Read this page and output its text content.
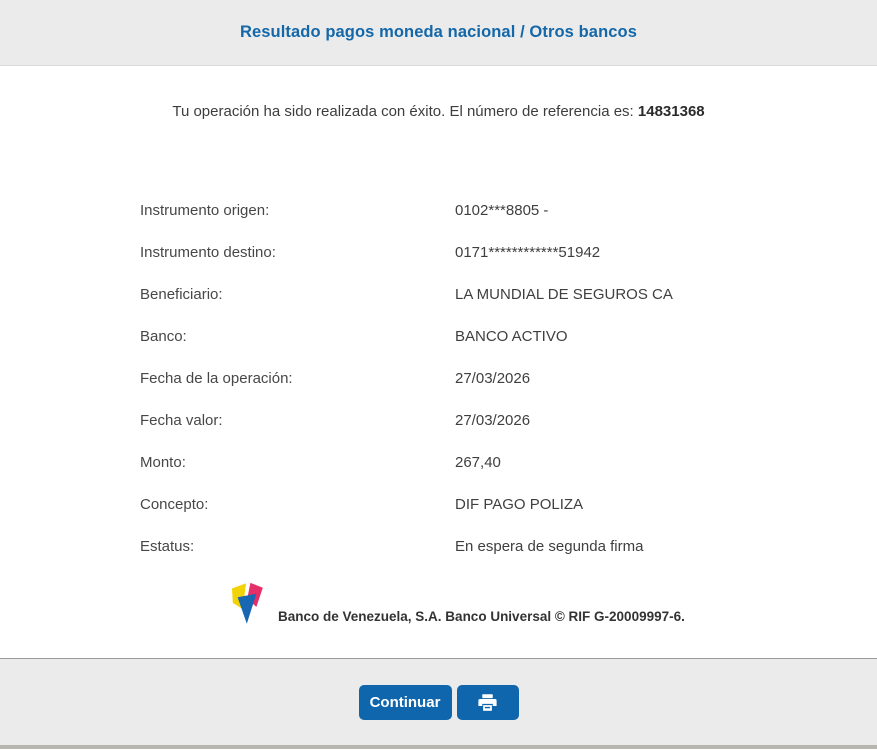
Resultado pagos moneda nacional / Otros bancos
Tu operación ha sido realizada con éxito. El número de referencia es: 14831368
Instrumento origen:	0102***8805 -
Instrumento destino:	0171************51942
Beneficiario:	LA MUNDIAL DE SEGUROS CA
Banco:	BANCO ACTIVO
Fecha de la operación:	27/03/2026
Fecha valor:	27/03/2026
Monto:	267,40
Concepto:	DIF PAGO POLIZA
Estatus:	En espera de segunda firma
Banco de Venezuela, S.A. Banco Universal © RIF G-20009997-6.
Continuar
